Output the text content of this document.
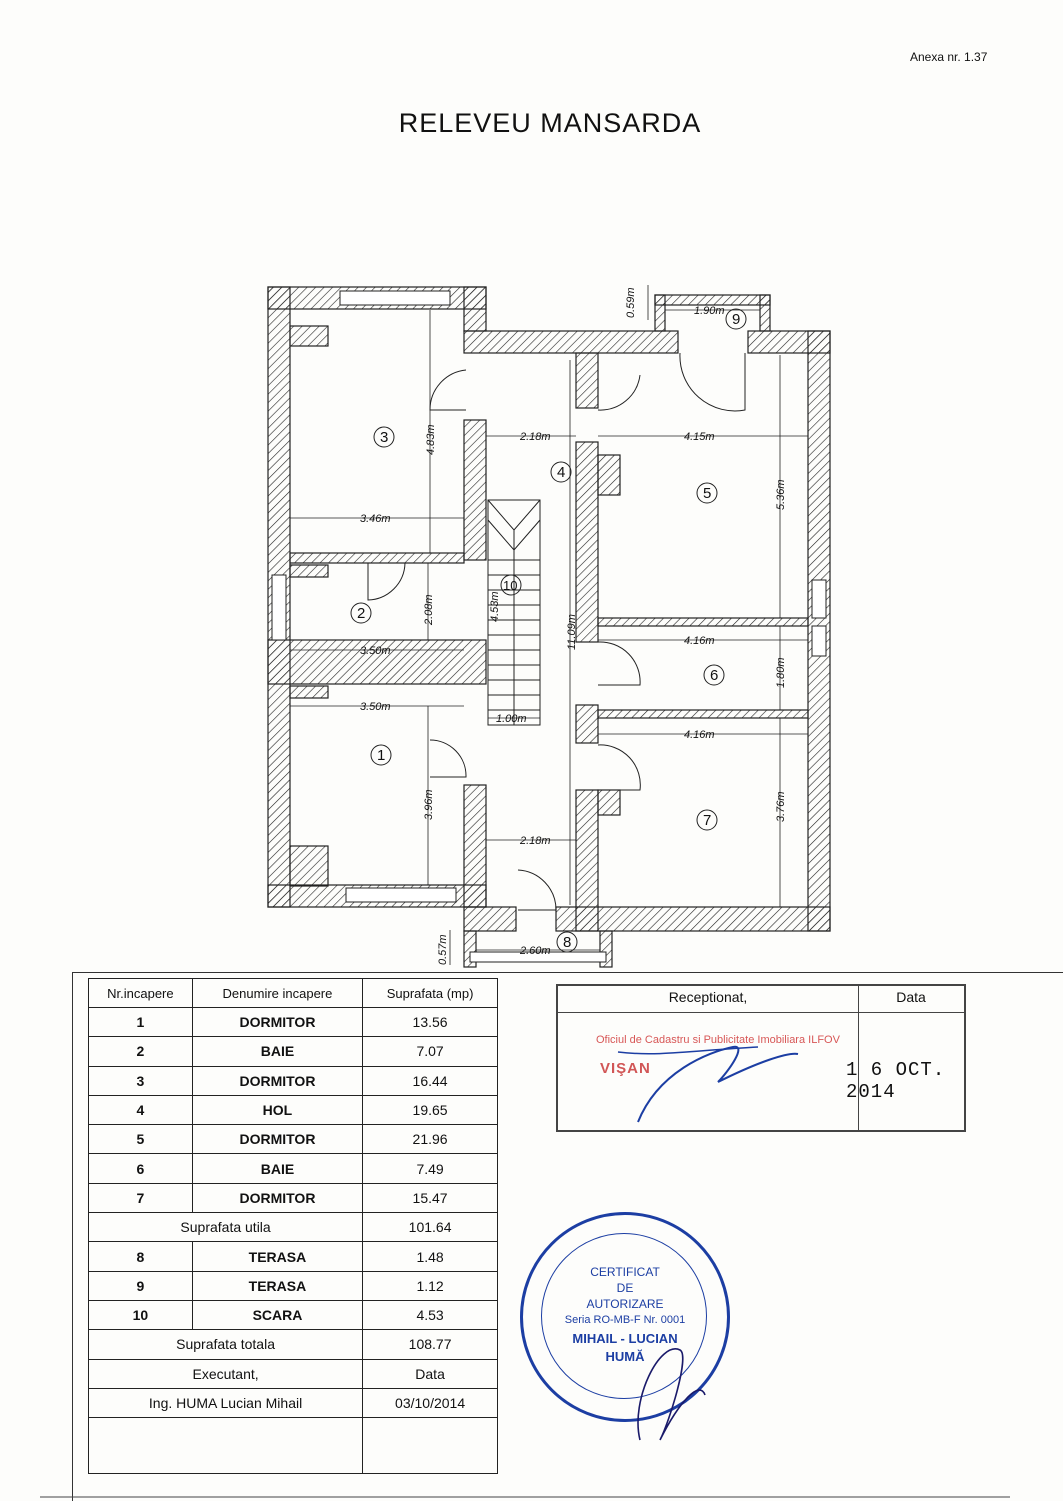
Anexa nr. 1.37
RELEVEU MANSARDA
0.59m	1.90m
4.83m	2.18m	4.15m
5.36m
3.46m
2.08m	4.53m
11.09m
3.50m
4.16m
1.80m
3.50m
1.00m
4.16m
3.96m	3.76m
2.18m
0.57m	2.60m
1
2
3
4
5
6
7
8
9
10
Nr.incapere	Denumire incapere	Suprafata (mp)
1	DORMITOR	13.56
2	BAIE	7.07
3	DORMITOR	16.44
4	HOL	19.65
5	DORMITOR	21.96
6	BAIE	7.49
7	DORMITOR	15.47
Suprafata utila		101.64
8	TERASA	1.48
9	TERASA	1.12
10	SCARA	4.53
Suprafata totala		108.77
Executant,		Data
Ing. HUMA Lucian Mihail		03/10/2014

Receptionat,	Data
Oficiul de Cadastru si Publicitate Imobiliara ILFOV
VIŞAN	1 6 OCT. 2014
CERTIFICAT
DE
AUTORIZARE
Seria RO-MB-F Nr. 0001
MIHAIL - LUCIAN
HUMĂ
